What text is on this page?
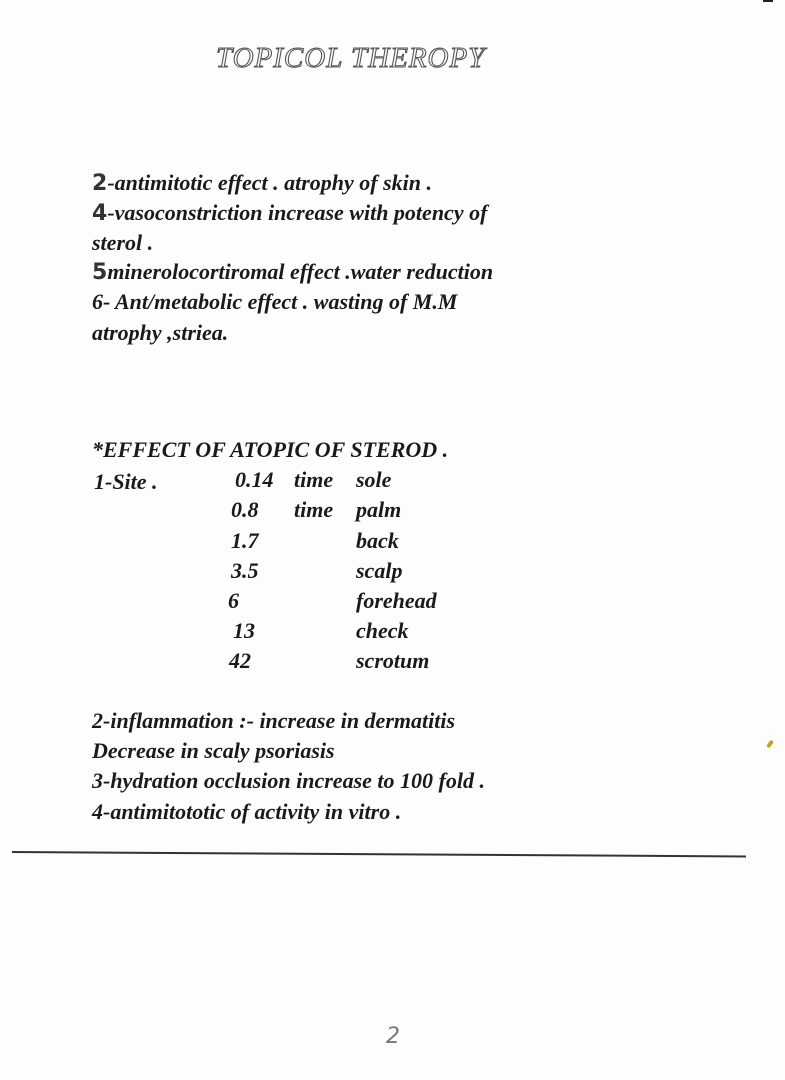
TOPICOL THEROPY
2-antimitotic effect . atrophy of skin .
4-vasoconstriction increase with potency of
sterol .
5minerolocortiromal effect .water reduction
6- Ant/metabolic effect . wasting of M.M
atrophy ,striea.
*EFFECT OF ATOPIC OF STEROD .
1-Site .	0.14 time sole
0.8 time palm
1.7	back
3.5	scalp
6	forehead
13	check
42	scrotum
2-inflammation :- increase in dermatitis
Decrease in scaly psoriasis
3-hydration occlusion increase to 100 fold .
4-antimitototic of activity in vitro .
2
